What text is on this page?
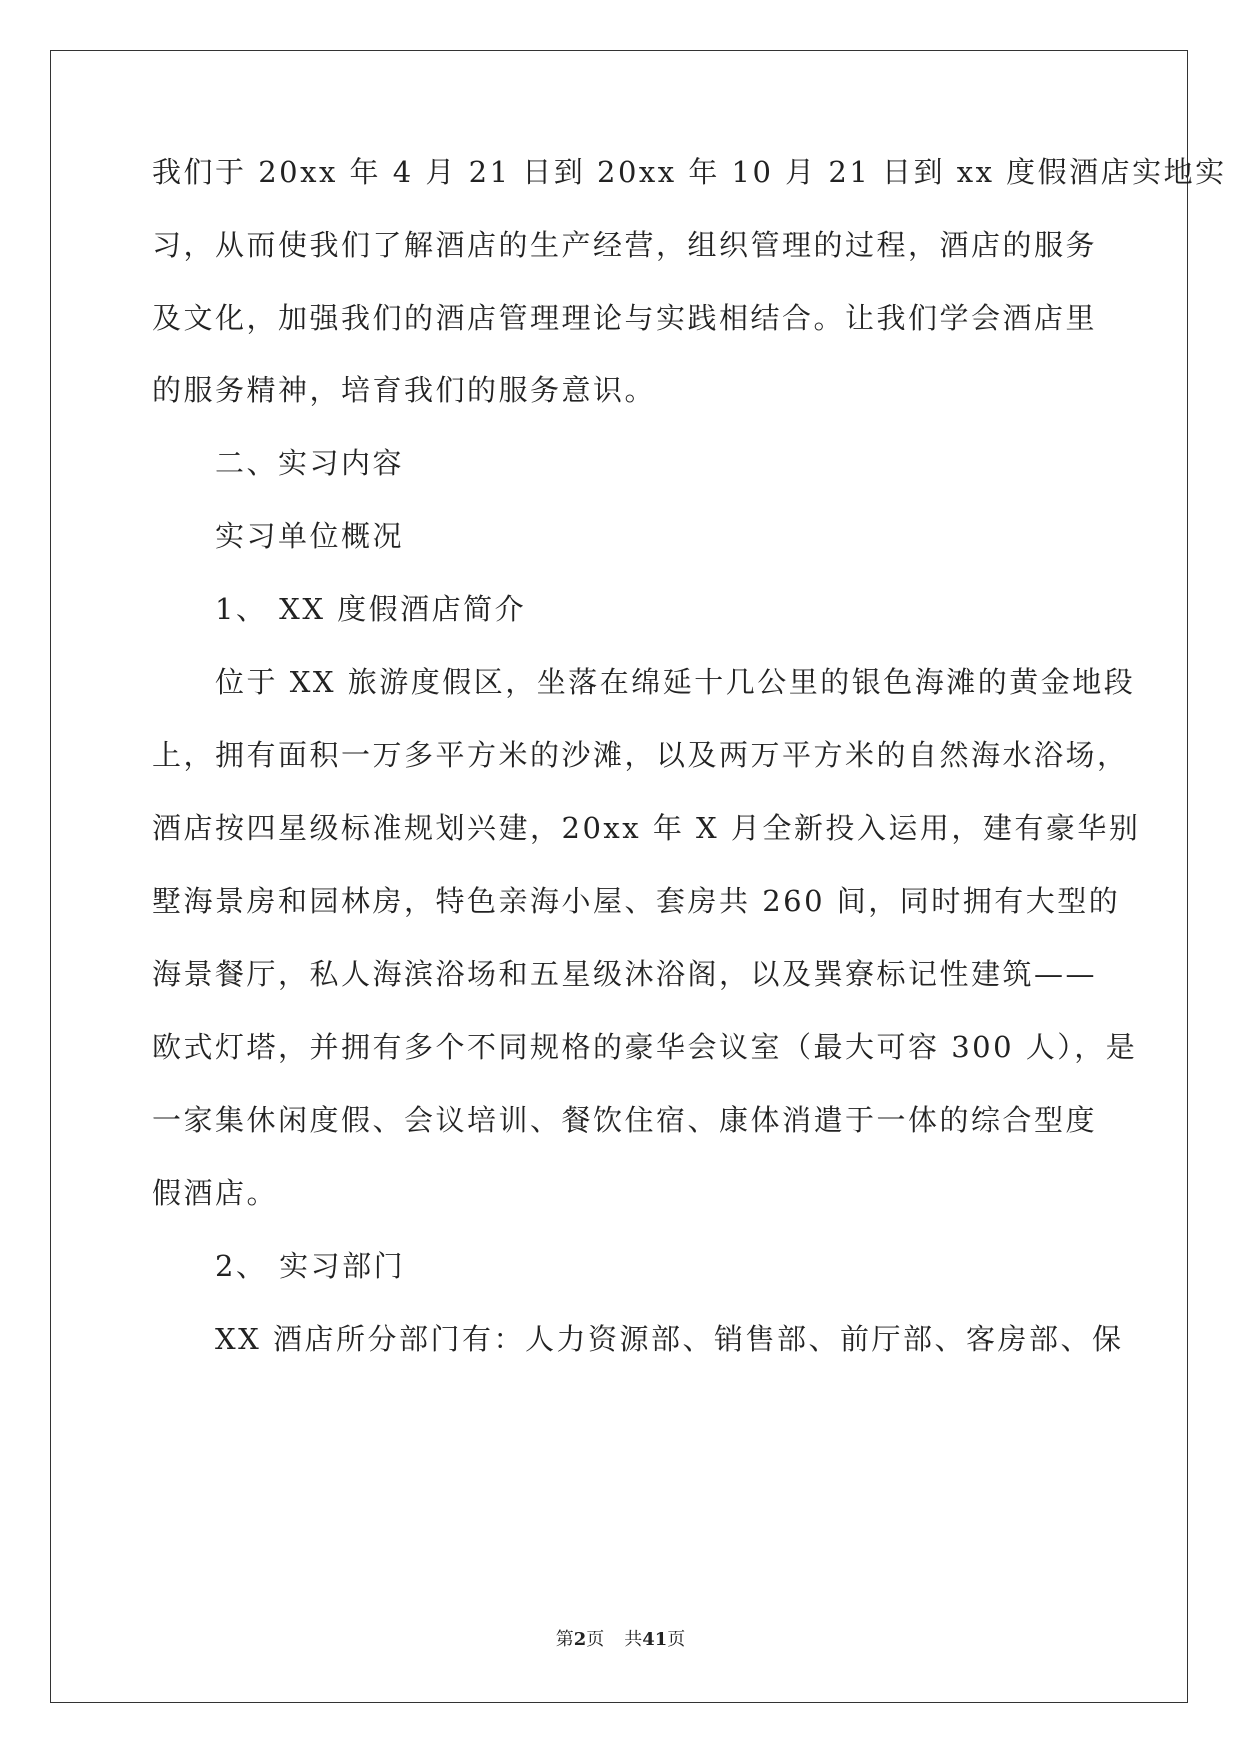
我们于 20xx 年 4 月 21 日到 20xx 年 10 月 21 日到 xx 度假酒店实地实
习，从而使我们了解酒店的生产经营，组织管理的过程，酒店的服务
及文化，加强我们的酒店管理理论与实践相结合。让我们学会酒店里
的服务精神，培育我们的服务意识。
二、实习内容
实习单位概况
1、 XX 度假酒店简介
位于 XX 旅游度假区，坐落在绵延十几公里的银色海滩的黄金地段
上，拥有面积一万多平方米的沙滩，以及两万平方米的自然海水浴场，
酒店按四星级标准规划兴建，20xx 年 X 月全新投入运用，建有豪华别
墅海景房和园林房，特色亲海小屋、套房共 260 间，同时拥有大型的
海景餐厅，私人海滨浴场和五星级沐浴阁，以及巽寮标记性建筑——
欧式灯塔，并拥有多个不同规格的豪华会议室（最大可容 300 人），是
一家集休闲度假、会议培训、餐饮住宿、康体消遣于一体的综合型度
假酒店。
2、 实习部门
XX 酒店所分部门有：人力资源部、销售部、前厅部、客房部、保
第2页 共41页
